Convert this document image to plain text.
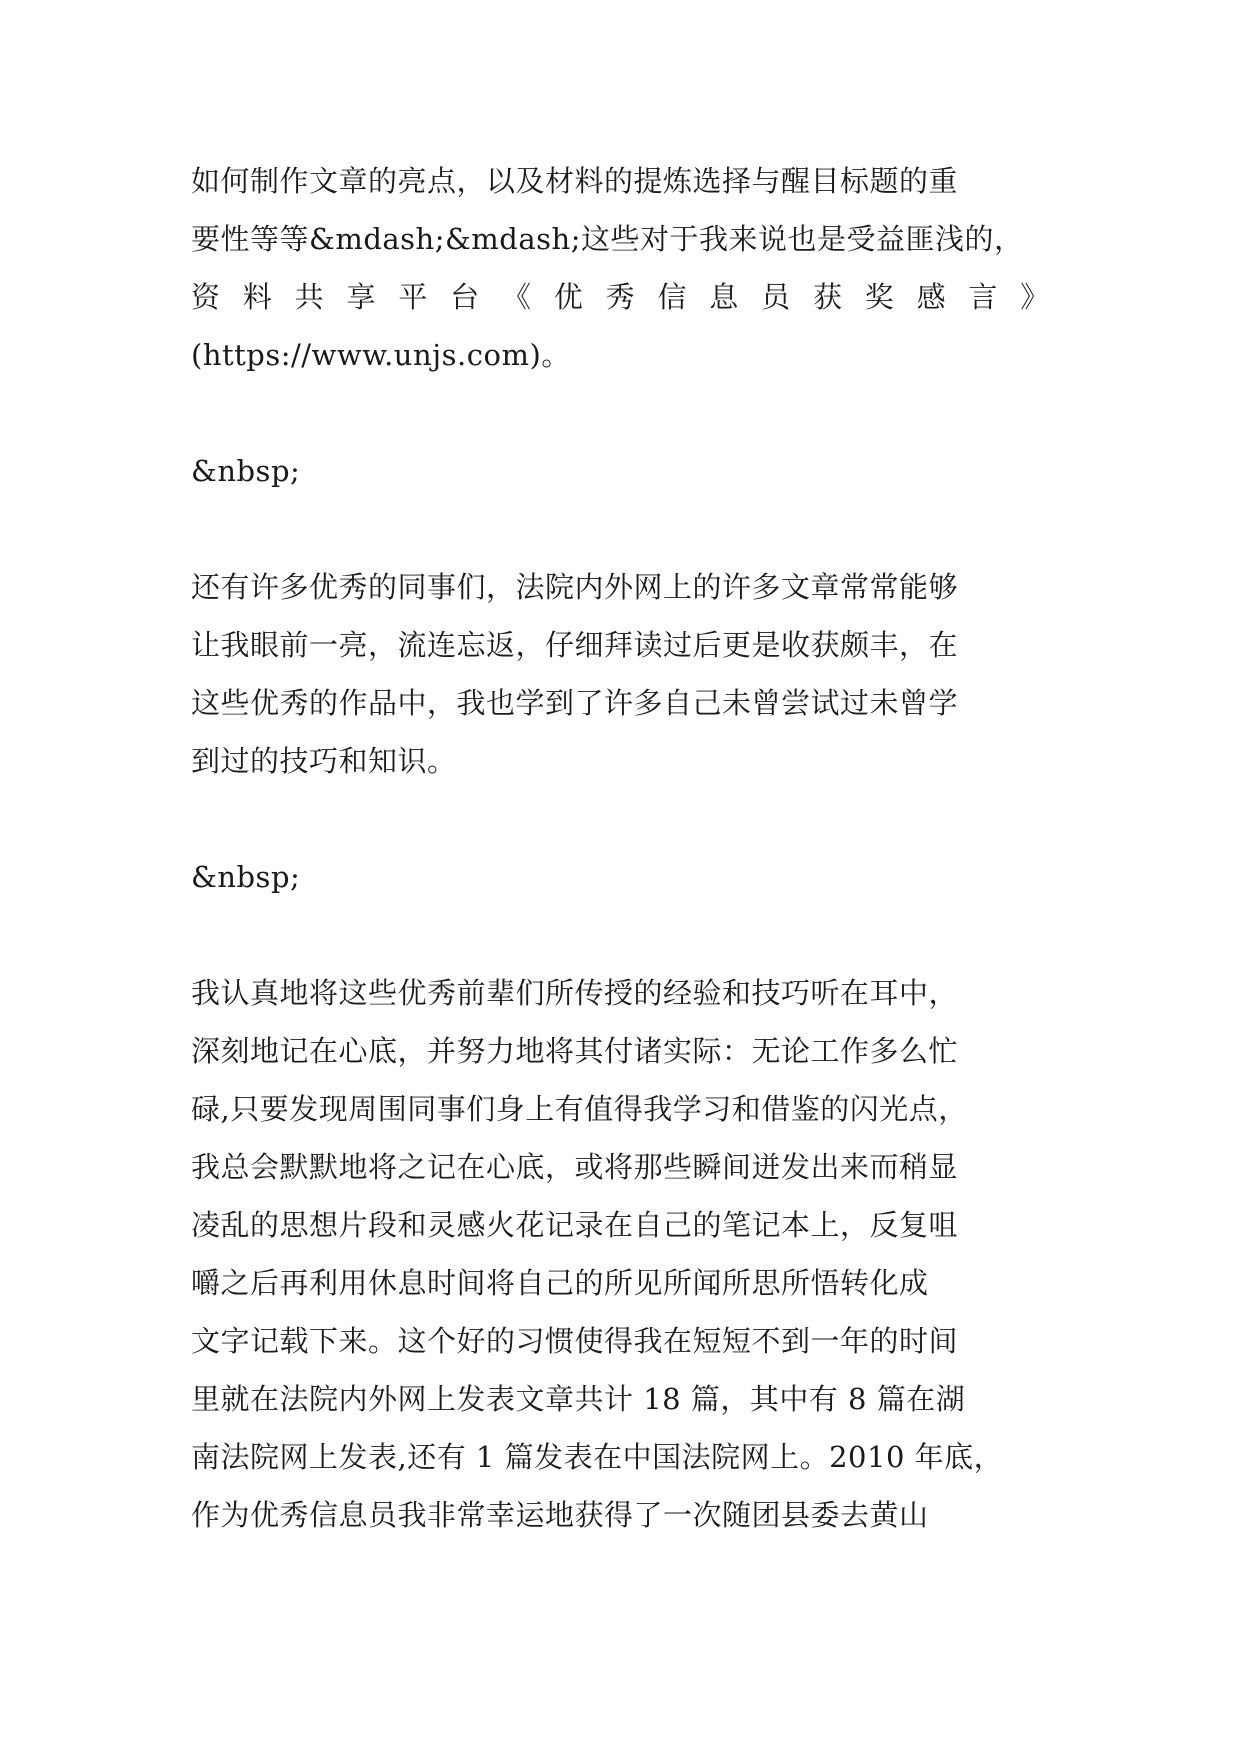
如何制作文章的亮点，以及材料的提炼选择与醒目标题的重
要性等等&mdash;&mdash;这些对于我来说也是受益匪浅的，
资 料 共 享 平 台 《 优 秀 信 息 员 获 奖 感 言 》
(https://www.unjs.com)。
&nbsp;
还有许多优秀的同事们，法院内外网上的许多文章常常能够
让我眼前一亮，流连忘返，仔细拜读过后更是收获颇丰，在
这些优秀的作品中，我也学到了许多自己未曾尝试过未曾学
到过的技巧和知识。
&nbsp;
我认真地将这些优秀前辈们所传授的经验和技巧听在耳中，
深刻地记在心底，并努力地将其付诸实际：无论工作多么忙
碌,只要发现周围同事们身上有值得我学习和借鉴的闪光点，
我总会默默地将之记在心底，或将那些瞬间迸发出来而稍显
凌乱的思想片段和灵感火花记录在自己的笔记本上，反复咀
嚼之后再利用休息时间将自己的所见所闻所思所悟转化成
文字记载下来。这个好的习惯使得我在短短不到一年的时间
里就在法院内外网上发表文章共计 18 篇，其中有 8 篇在湖
南法院网上发表,还有 1 篇发表在中国法院网上。2010 年底，
作为优秀信息员我非常幸运地获得了一次随团县委去黄山
